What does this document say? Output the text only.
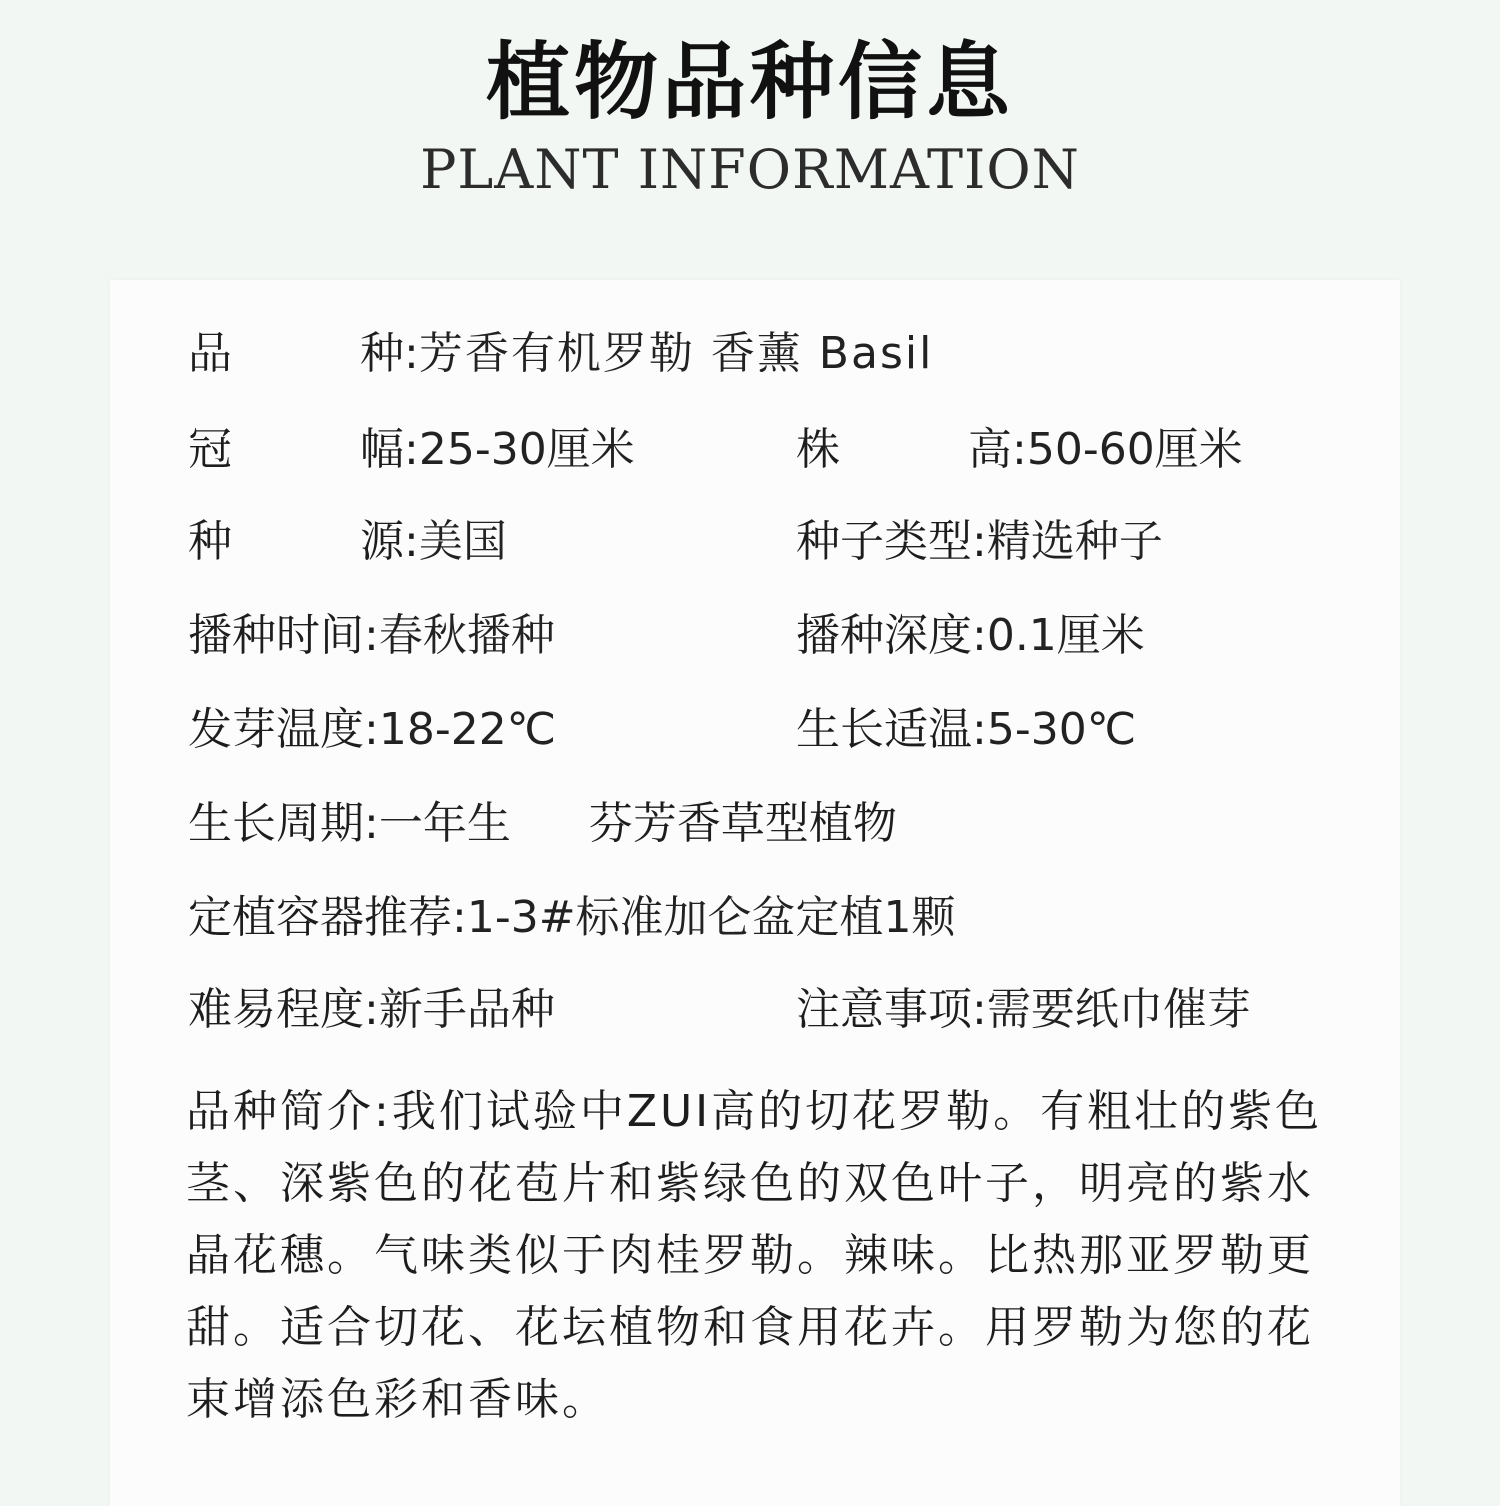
植物品种信息
PLANT INFORMATION
品	种 :芳香有机罗勒 香薰 Basil
冠	幅 :25-30厘米	株	高 :50-60厘米
种	源 :美国	种子类型:精选种子
播种时间:春秋播种	播种深度:0.1厘米
发芽温度:18-22℃	生长适温:5-30℃
生长周期:一年生 芬芳香草型植物
定植容器推荐:1-3#标准加仑盆定植1颗
难易程度:新手品种	注意事项:需要纸巾催芽
品种简介:我们试验中ZUI高的切花罗勒。有粗壮的紫色茎、深紫色的花苞片和紫绿色的双色叶子，明亮的紫水晶花穗。气味类似于肉桂罗勒。辣味。比热那亚罗勒更甜。适合切花、花坛植物和食用花卉。用罗勒为您的花束增添色彩和香味。
